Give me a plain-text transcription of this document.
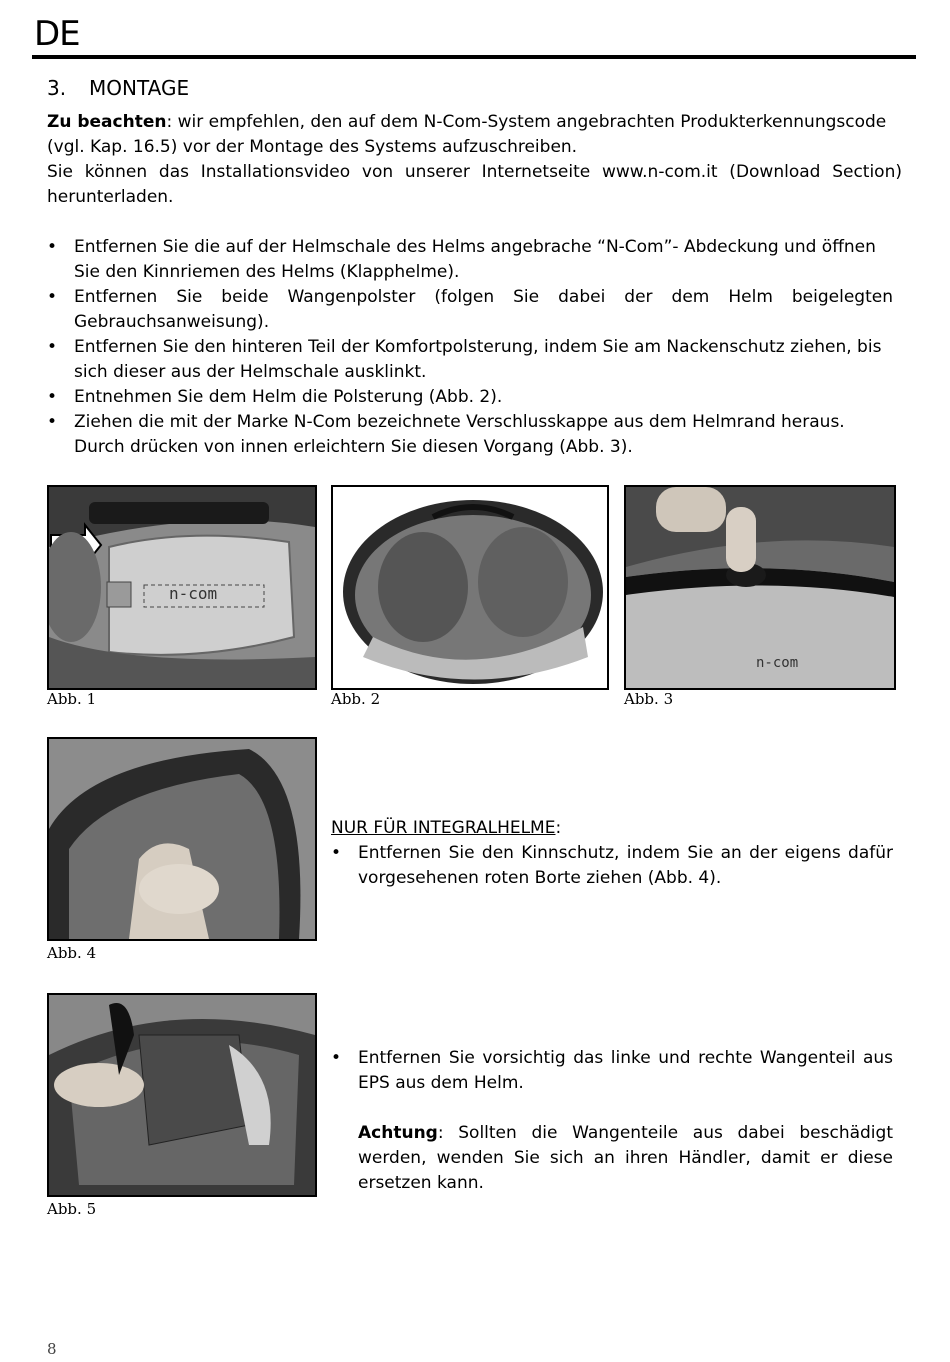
DE
3. MONTAGE
Zu beachten: wir empfehlen, den auf dem N-Com-System angebrachten Produkterkennungscode (vgl. Kap. 16.5) vor der Montage des Systems aufzuschreiben.
Sie können das Installationsvideo von unserer Internetseite www.n-com.it (Download Section)
herunterladen.
• Entfernen Sie die auf der Helmschale des Helms angebrache “N-Com”- Abdeckung und öffnen Sie den Kinnriemen des Helms (Klapphelme).
• Entfernen Sie beide Wangenpolster (folgen Sie dabei der dem Helm beigelegten Gebrauchsanweisung).
• Entfernen Sie den hinteren Teil der Komfortpolsterung, indem Sie am Nackenschutz ziehen, bis sich dieser aus der Helmschale ausklinkt.
• Entnehmen Sie dem Helm die Polsterung (Abb. 2).
• Ziehen die mit der Marke N-Com bezeichnete Verschlusskappe aus dem Helmrand heraus. Durch drücken von innen erleichtern Sie diesen Vorgang (Abb. 3).
n-com
Abb. 1	Abb. 2
n-com
Abb. 3
Abb. 4
NUR FÜR INTEGRALHELME:
• Entfernen Sie den Kinnschutz, indem Sie an der eigens dafür vorgesehenen roten Borte ziehen (Abb. 4).
Abb. 5
• Entfernen Sie vorsichtig das linke und rechte Wangenteil aus EPS aus dem Helm.
Achtung: Sollten die Wangenteile aus dabei beschädigt werden, wenden Sie sich an ihren Händler, damit er diese ersetzen kann.
8
